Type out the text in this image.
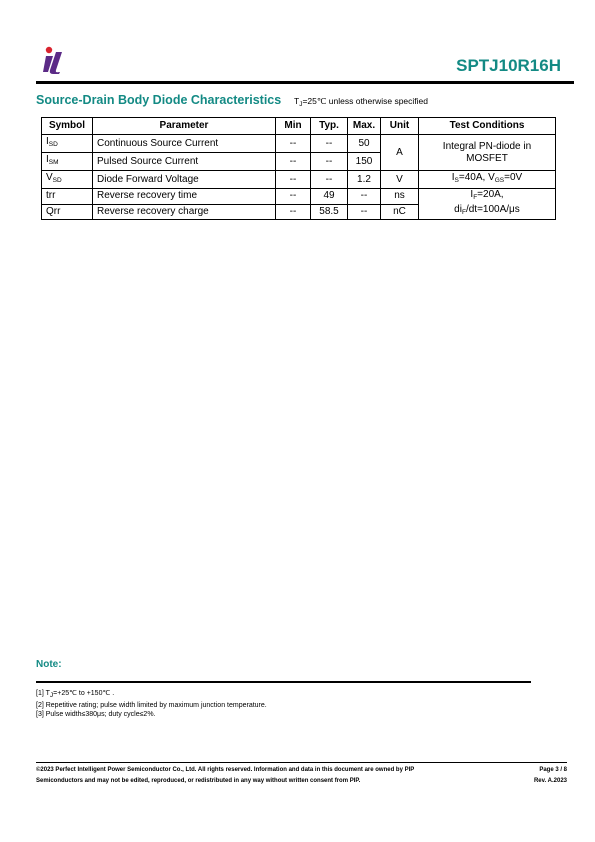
SPTJ10R16H
Source-Drain Body Diode Characteristics $T_J=25℃$ unless otherwise specified
Symbol	Parameter	Min	Typ.	Max.	Unit	Test Conditions
$I_{SD}$	Continuous Source Current	--	--	50	A	Integral PN-diode in MOSFET
$I_{SM}$	Pulsed Source Current	--	--	150		
$V_{SD}$	Diode Forward Voltage	--	--	1.2	V	$I_S=40A$, $V_{GS}=0V$
trr	Reverse recovery time	--	49	--	ns	$I_F=20A$,
$di_F/dt=100A/\mu s$
Qrr	Reverse recovery charge	--	58.5	--	nC	
Note:
[1] $T_J=+25℃$ to +150℃ .
[2] Repetitive rating; pulse width limited by maximum junction temperature.
[3] Pulse width≤380μs; duty cycle≤2%.
©2023 Perfect Intelligent Power Semiconductor Co., Ltd. All rights reserved. Information and data in this document are owned by PIP
Semiconductors and may not be edited, reproduced, or redistributed in any way without written consent from PIP.
Page 3 / 8
Rev. A.2023
